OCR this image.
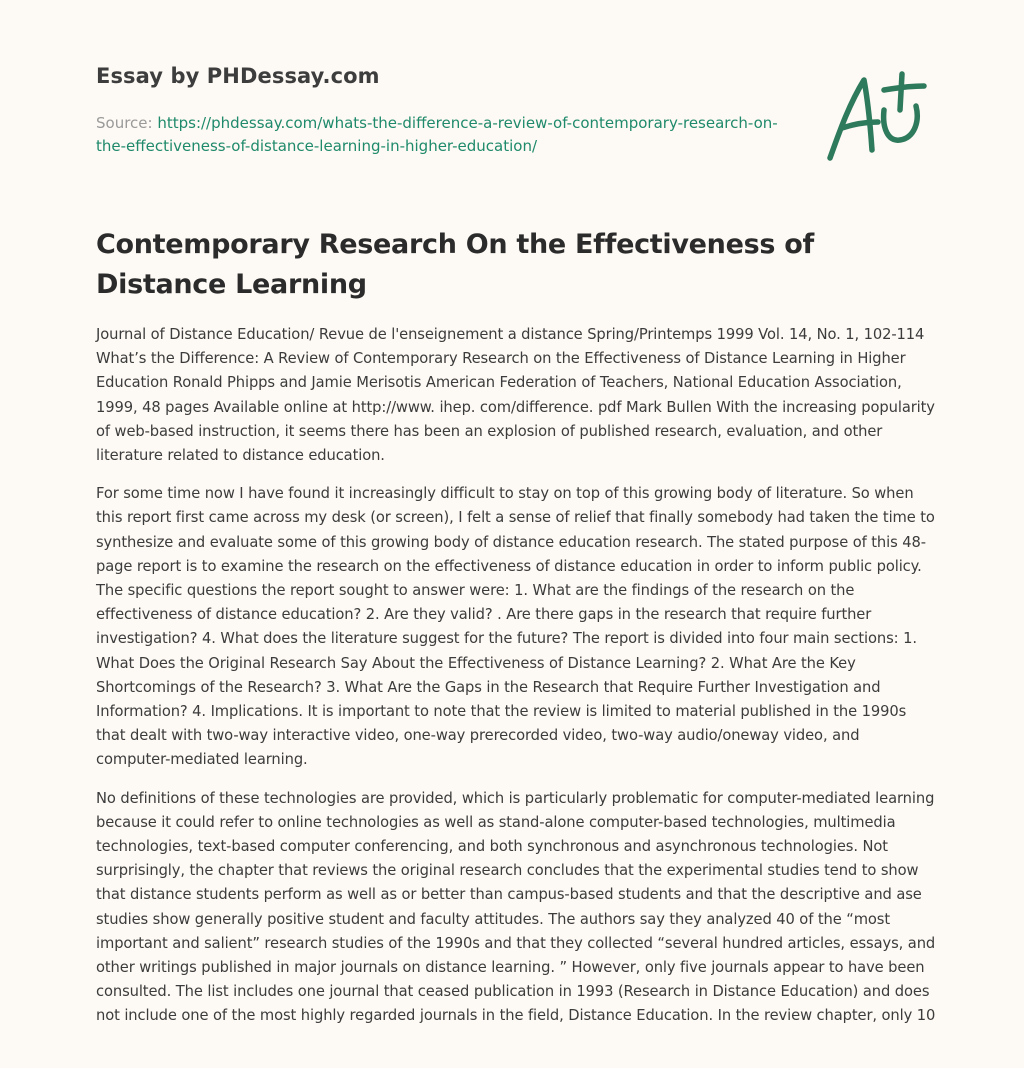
Essay by PHDessay.com
Source: https://phdessay.com/whats-the-difference-a-review-of-contemporary-research-on-the-effectiveness-of-distance-learning-in-higher-education/
Contemporary Research On the Effectiveness of Distance Learning

Journal of Distance Education/ Revue de l'enseignement a distance Spring/Printemps 1999 Vol. 14, No. 1, 102-114 What’s the Difference: A Review of Contemporary Research on the Effectiveness of Distance Learning in Higher Education Ronald Phipps and Jamie Merisotis American Federation of Teachers, National Education Association, 1999, 48 pages Available online at http://www. ihep. com/difference. pdf Mark Bullen With the increasing popularity of web-based instruction, it seems there has been an explosion of published research, evaluation, and other literature related to distance education.

For some time now I have found it increasingly difficult to stay on top of this growing body of literature. So when this report first came across my desk (or screen), I felt a sense of relief that finally somebody had taken the time to synthesize and evaluate some of this growing body of distance education research. The stated purpose of this 48-page report is to examine the research on the effectiveness of distance education in order to inform public policy. The specific questions the report sought to answer were: 1. What are the findings of the research on the effectiveness of distance education? 2. Are they valid? . Are there gaps in the research that require further investigation? 4. What does the literature suggest for the future? The report is divided into four main sections: 1. What Does the Original Research Say About the Effectiveness of Distance Learning? 2. What Are the Key Shortcomings of the Research? 3. What Are the Gaps in the Research that Require Further Investigation and Information? 4. Implications. It is important to note that the review is limited to material published in the 1990s that dealt with two-way interactive video, one-way prerecorded video, two-way audio/oneway video, and computer-mediated learning.

No definitions of these technologies are provided, which is particularly problematic for computer-mediated learning because it could refer to online technologies as well as stand-alone computer-based technologies, multimedia technologies, text-based computer conferencing, and both synchronous and asynchronous technologies. Not surprisingly, the chapter that reviews the original research concludes that the experimental studies tend to show that distance students perform as well as or better than campus-based students and that the descriptive and ase studies show generally positive student and faculty attitudes. The authors say they analyzed 40 of the “most important and salient” research studies of the 1990s and that they collected “several hundred articles, essays, and other writings published in major journals on distance learning. ” However, only five journals appear to have been consulted. The list includes one journal that ceased publication in 1993 (Research in Distance Education) and does not include one of the most highly regarded journals in the field, Distance Education. In the review chapter, only 10
